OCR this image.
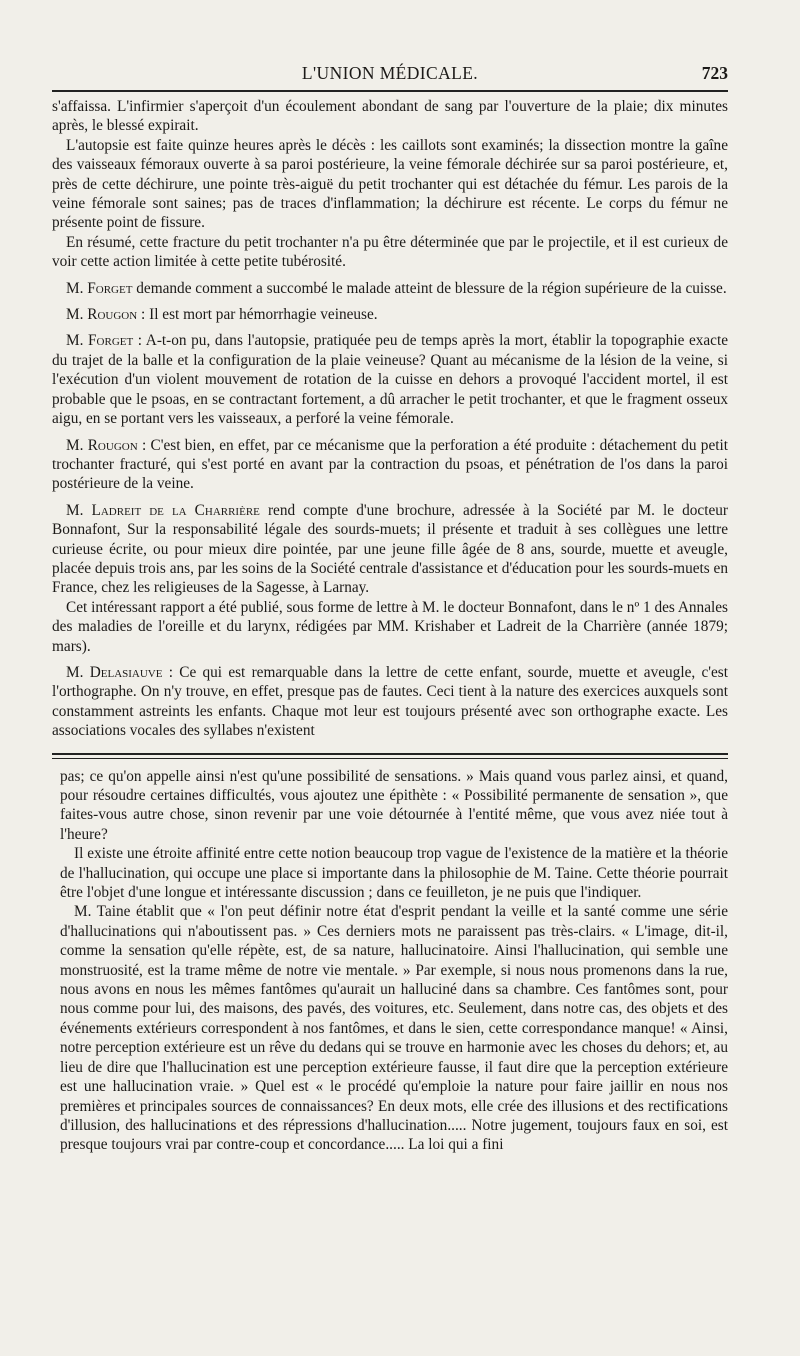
L'UNION MÉDICALE.	723

s'affaissa. L'infirmier s'aperçoit d'un écoulement abondant de sang par l'ouverture de la plaie; dix minutes après, le blessé expirait.

L'autopsie est faite quinze heures après le décès : les caillots sont examinés; la dissection montre la gaîne des vaisseaux fémoraux ouverte à sa paroi postérieure, la veine fémorale déchirée sur sa paroi postérieure, et, près de cette déchirure, une pointe très-aiguë du petit trochanter qui est détachée du fémur. Les parois de la veine fémorale sont saines; pas de traces d'inflammation; la déchirure est récente. Le corps du fémur ne présente point de fissure.

En résumé, cette fracture du petit trochanter n'a pu être déterminée que par le projectile, et il est curieux de voir cette action limitée à cette petite tubérosité.

M. Forget demande comment a succombé le malade atteint de blessure de la région supérieure de la cuisse.

M. Rougon : Il est mort par hémorrhagie veineuse.

M. Forget : A-t-on pu, dans l'autopsie, pratiquée peu de temps après la mort, établir la topographie exacte du trajet de la balle et la configuration de la plaie veineuse? Quant au mécanisme de la lésion de la veine, si l'exécution d'un violent mouvement de rotation de la cuisse en dehors a provoqué l'accident mortel, il est probable que le psoas, en se contractant fortement, a dû arracher le petit trochanter, et que le fragment osseux aigu, en se portant vers les vaisseaux, a perforé la veine fémorale.

M. Rougon : C'est bien, en effet, par ce mécanisme que la perforation a été produite : détachement du petit trochanter fracturé, qui s'est porté en avant par la contraction du psoas, et pénétration de l'os dans la paroi postérieure de la veine.

M. Ladreit de la Charrière rend compte d'une brochure, adressée à la Société par M. le docteur Bonnafont, Sur la responsabilité légale des sourds-muets; il présente et traduit à ses collègues une lettre curieuse écrite, ou pour mieux dire pointée, par une jeune fille âgée de 8 ans, sourde, muette et aveugle, placée depuis trois ans, par les soins de la Société centrale d'assistance et d'éducation pour les sourds-muets en France, chez les religieuses de la Sagesse, à Larnay.

Cet intéressant rapport a été publié, sous forme de lettre à M. le docteur Bonnafont, dans le nº 1 des Annales des maladies de l'oreille et du larynx, rédigées par MM. Krishaber et Ladreit de la Charrière (année 1879; mars).

M. Delasiauve : Ce qui est remarquable dans la lettre de cette enfant, sourde, muette et aveugle, c'est l'orthographe. On n'y trouve, en effet, presque pas de fautes. Ceci tient à la nature des exercices auxquels sont constamment astreints les enfants. Chaque mot leur est toujours présenté avec son orthographe exacte. Les associations vocales des syllabes n'existent

pas; ce qu'on appelle ainsi n'est qu'une possibilité de sensations. » Mais quand vous parlez ainsi, et quand, pour résoudre certaines difficultés, vous ajoutez une épithète : « Possibilité permanente de sensation », que faites-vous autre chose, sinon revenir par une voie détournée à l'entité même, que vous avez niée tout à l'heure?

Il existe une étroite affinité entre cette notion beaucoup trop vague de l'existence de la matière et la théorie de l'hallucination, qui occupe une place si importante dans la philosophie de M. Taine. Cette théorie pourrait être l'objet d'une longue et intéressante discussion ; dans ce feuilleton, je ne puis que l'indiquer.

M. Taine établit que « l'on peut définir notre état d'esprit pendant la veille et la santé comme une série d'hallucinations qui n'aboutissent pas. » Ces derniers mots ne paraissent pas très-clairs. « L'image, dit-il, comme la sensation qu'elle répète, est, de sa nature, hallucinatoire. Ainsi l'hallucination, qui semble une monstruosité, est la trame même de notre vie mentale. » Par exemple, si nous nous promenons dans la rue, nous avons en nous les mêmes fantômes qu'aurait un halluciné dans sa chambre. Ces fantômes sont, pour nous comme pour lui, des maisons, des pavés, des voitures, etc. Seulement, dans notre cas, des objets et des événements extérieurs correspondent à nos fantômes, et dans le sien, cette correspondance manque! « Ainsi, notre perception extérieure est un rêve du dedans qui se trouve en harmonie avec les choses du dehors; et, au lieu de dire que l'hallucination est une perception extérieure fausse, il faut dire que la perception extérieure est une hallucination vraie. » Quel est « le procédé qu'emploie la nature pour faire jaillir en nous nos premières et principales sources de connaissances? En deux mots, elle crée des illusions et des rectifications d'illusion, des hallucinations et des répressions d'hallucination..... Notre jugement, toujours faux en soi, est presque toujours vrai par contre-coup et concordance..... La loi qui a fini
